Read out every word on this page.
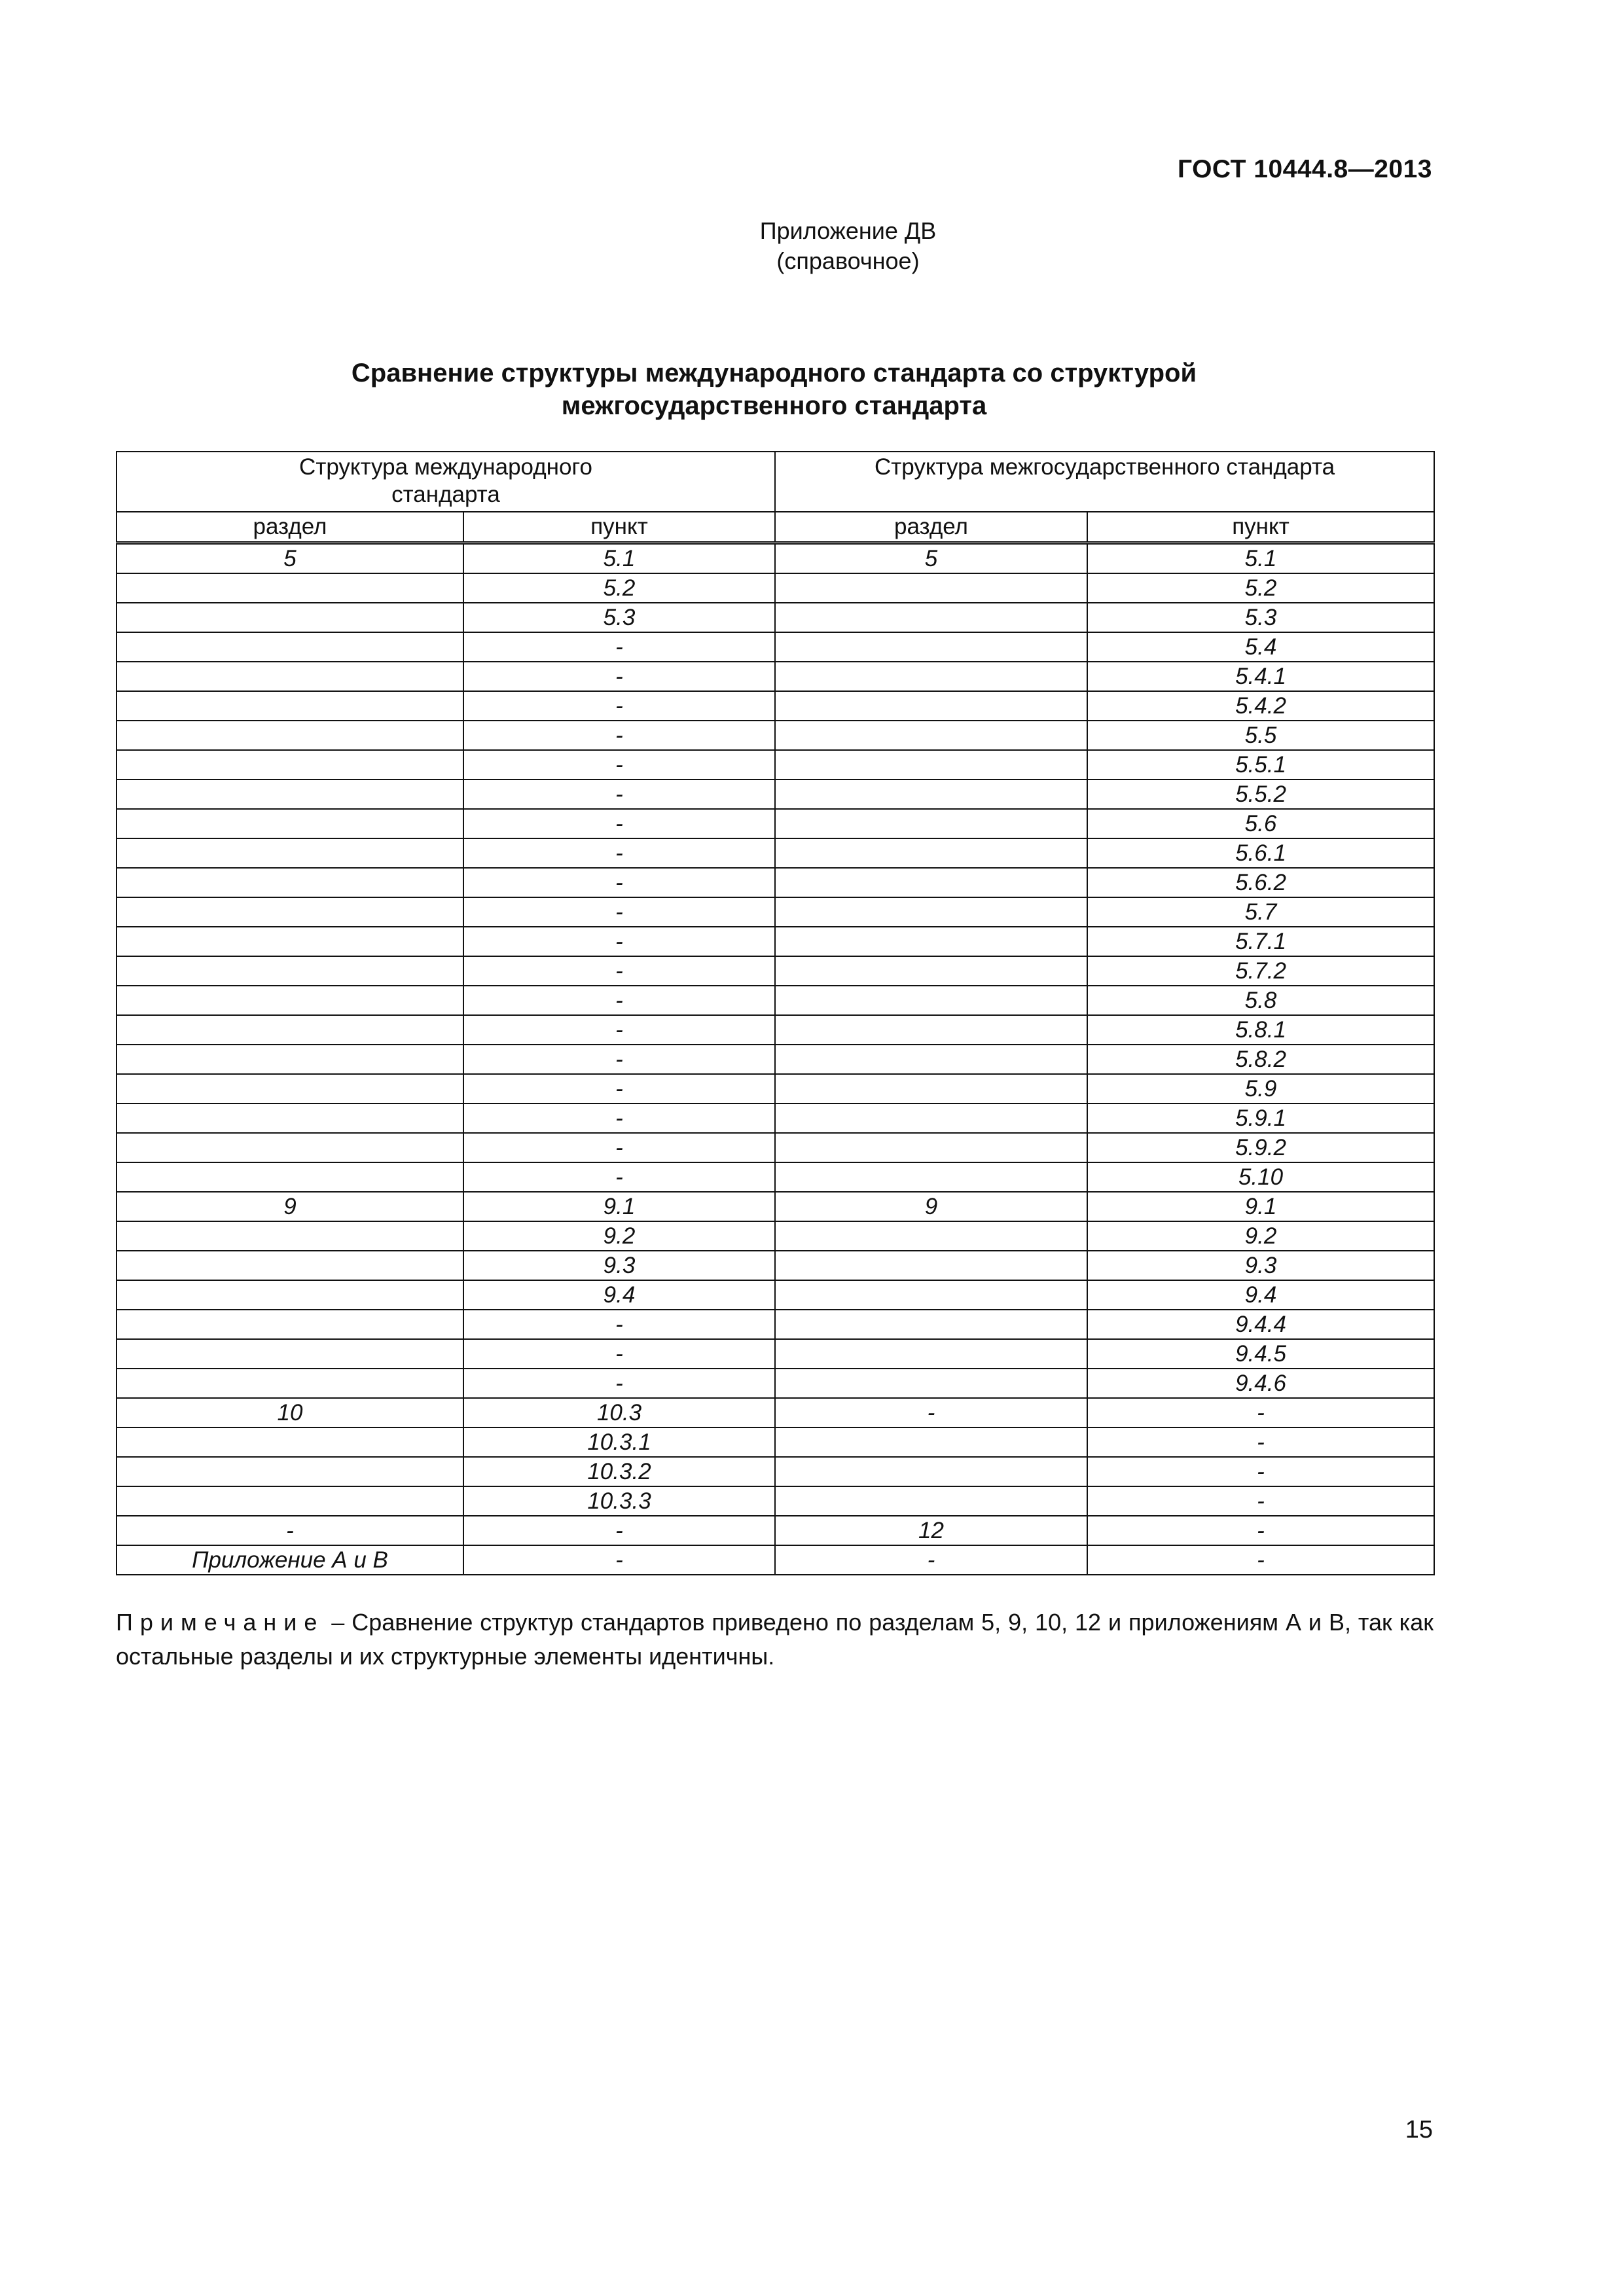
ГОСТ 10444.8—2013
Приложение ДВ
(справочное)
Сравнение структуры международного стандарта со структурой
межгосударственного стандарта
Структура международного стандарта		Структура межгосударственного стандарта	
раздел	пункт	раздел	пункт
5	5.1	5	5.1
	5.2		5.2
	5.3		5.3
	-		5.4
	-		5.4.1
	-		5.4.2
	-		5.5
	-		5.5.1
	-		5.5.2
	-		5.6
	-		5.6.1
	-		5.6.2
	-		5.7
	-		5.7.1
	-		5.7.2
	-		5.8
	-		5.8.1
	-		5.8.2
	-		5.9
	-		5.9.1
	-		5.9.2
	-		5.10
9	9.1	9	9.1
	9.2		9.2
	9.3		9.3
	9.4		9.4
	-		9.4.4
	-		9.4.5
	-		9.4.6
10	10.3	-	-
	10.3.1		-
	10.3.2		-
	10.3.3		-
-	-	12	-
Приложение А и В	-	-	-
Примечание – Сравнение структур стандартов приведено по разделам 5, 9, 10, 12 и приложениям А и В, так как остальные разделы и их структурные элементы идентичны.
15
